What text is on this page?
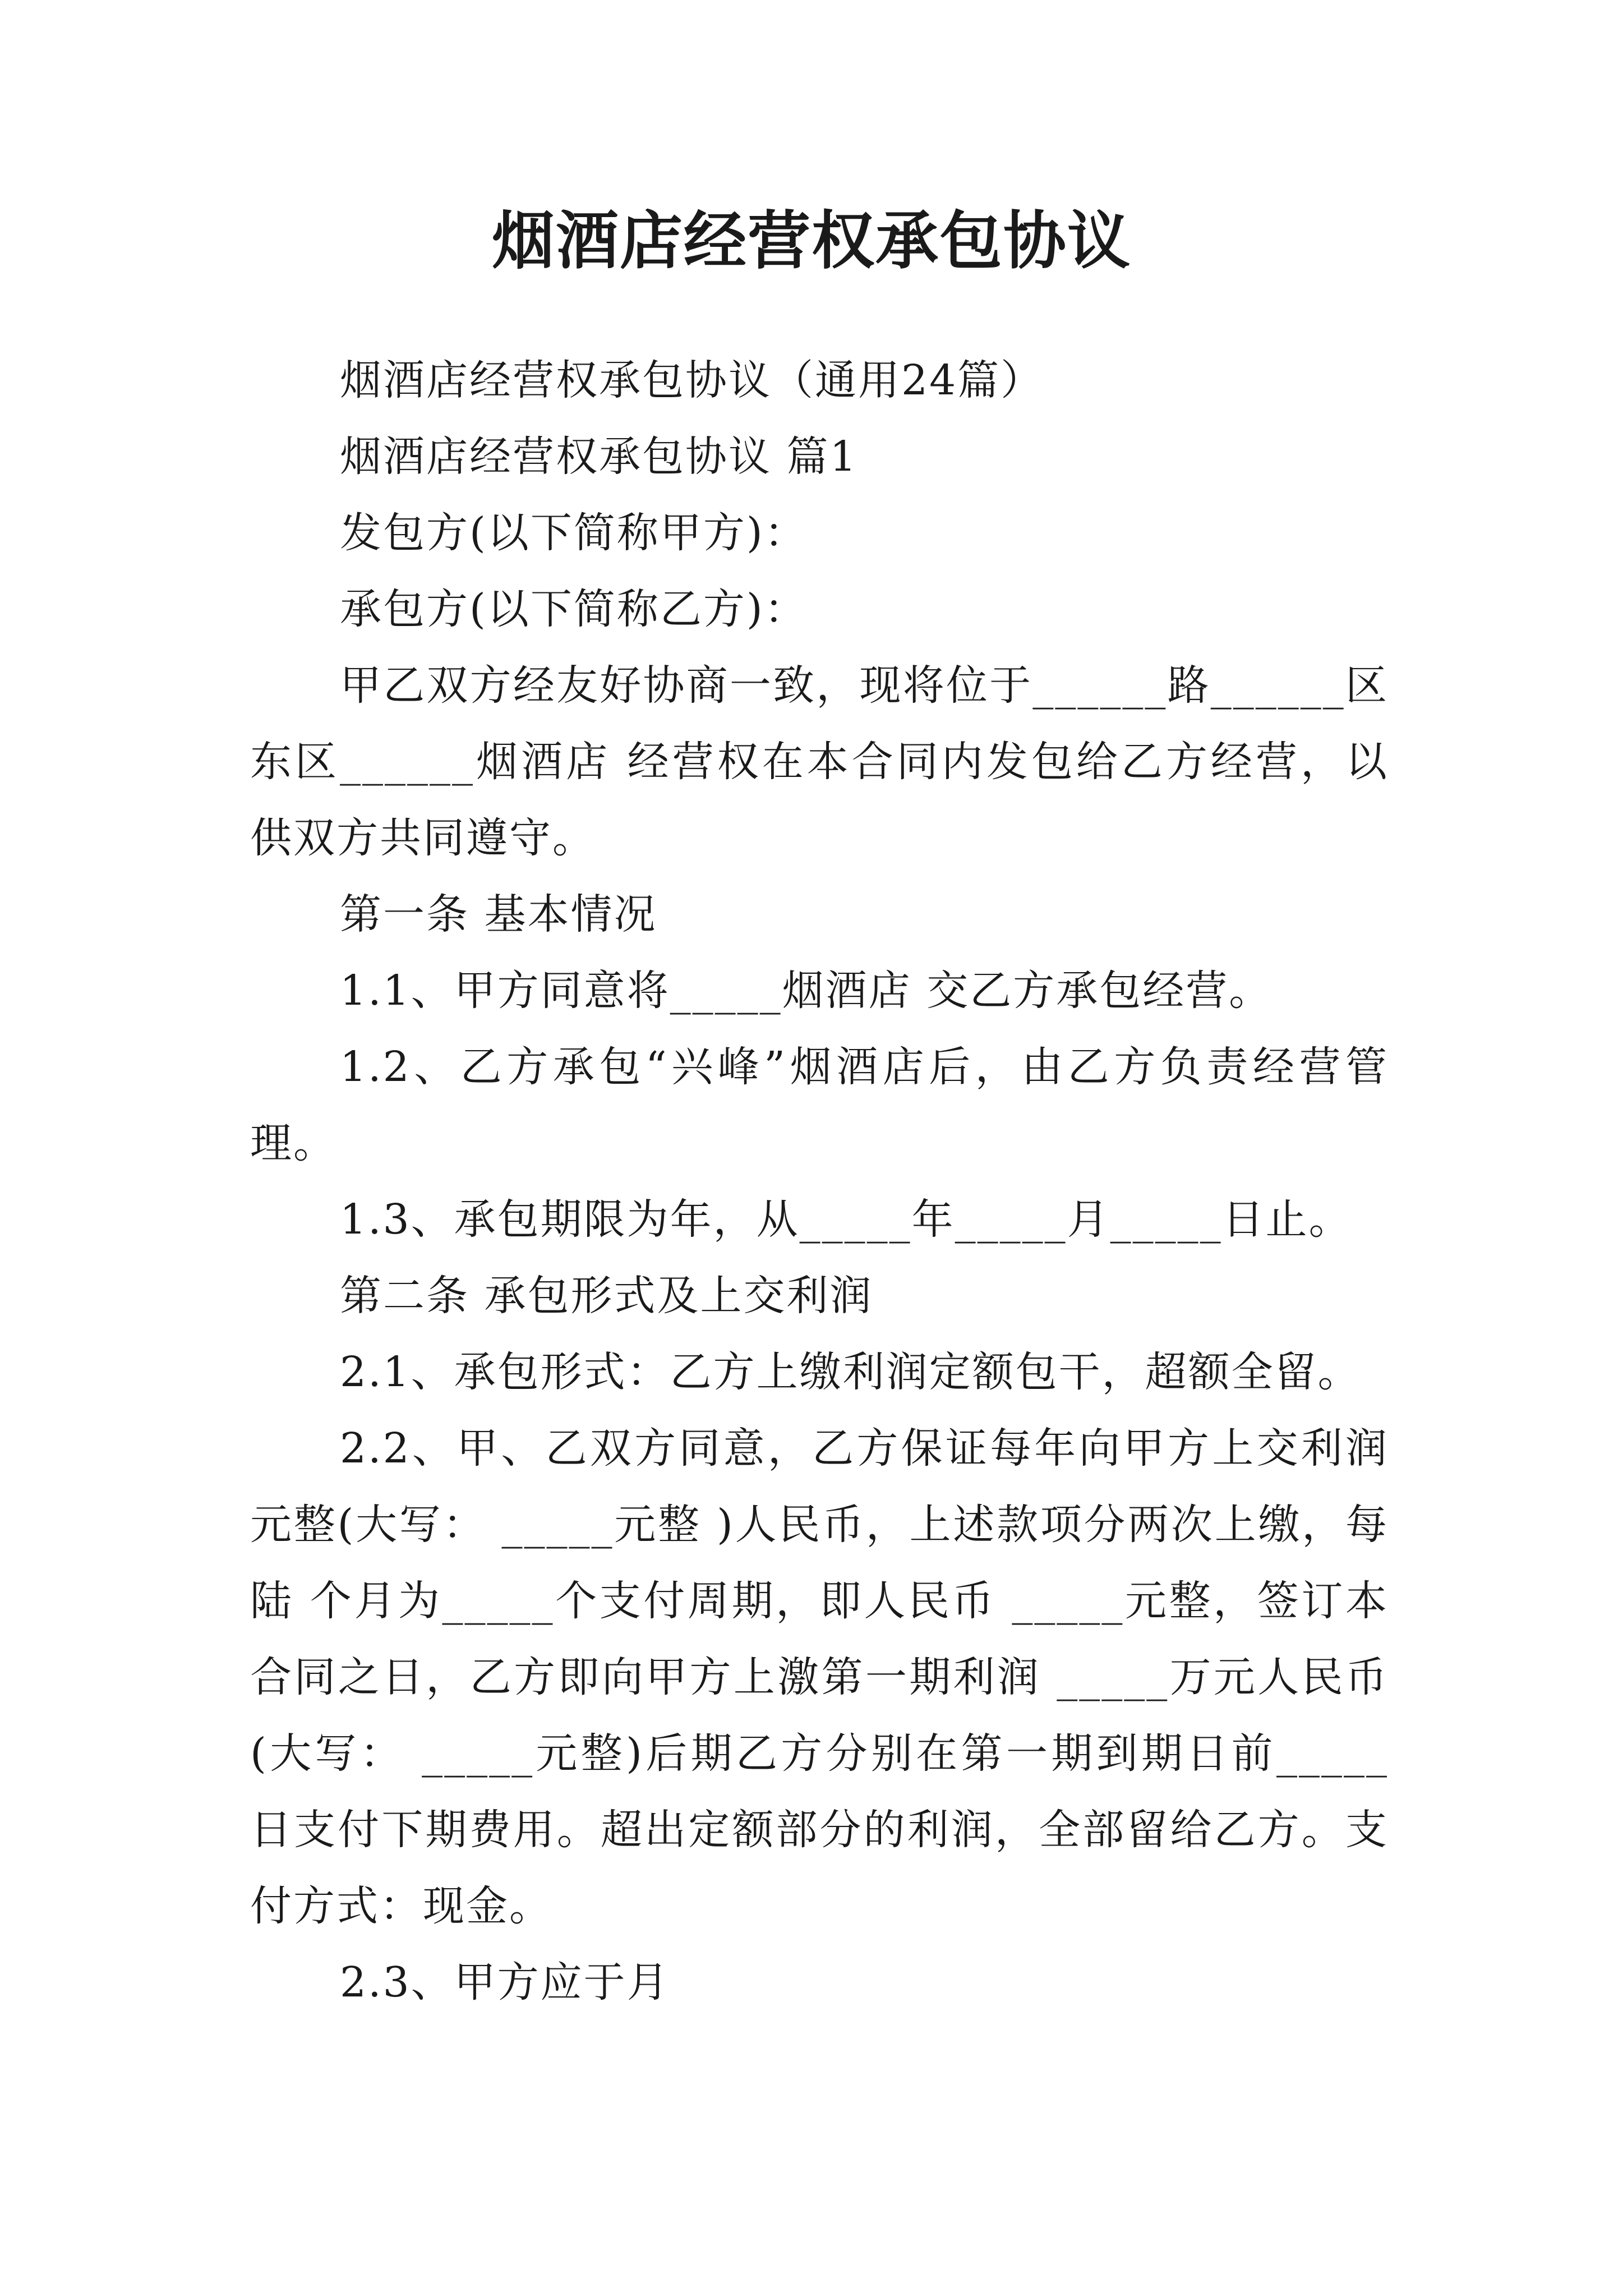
烟酒店经营权承包协议

烟酒店经营权承包协议（通用24篇）

烟酒店经营权承包协议 篇1

发包方(以下简称甲方)：

承包方(以下简称乙方)：

甲乙双方经友好协商一致，现将位于______路______区东区______烟酒店 经营权在本合同内发包给乙方经营，以供双方共同遵守。

第一条 基本情况

1.1、甲方同意将_____烟酒店 交乙方承包经营。

1.2、乙方承包“兴峰”烟酒店后，由乙方负责经营管理。

1.3、承包期限为年，从_____年_____月_____日止。

第二条 承包形式及上交利润

2.1、承包形式：乙方上缴利润定额包干，超额全留。

2.2、甲、乙双方同意，乙方保证每年向甲方上交利润元整(大写： _____元整 )人民币，上述款项分两次上缴，每 陆 个月为_____个支付周期，即人民币 _____元整，签订本合同之日，乙方即向甲方上激第一期利润 _____万元人民币(大写： _____元整)后期乙方分别在第一期到期日前_____日支付下期费用。超出定额部分的利润，全部留给乙方。支付方式：现金。

2.3、甲方应于月
